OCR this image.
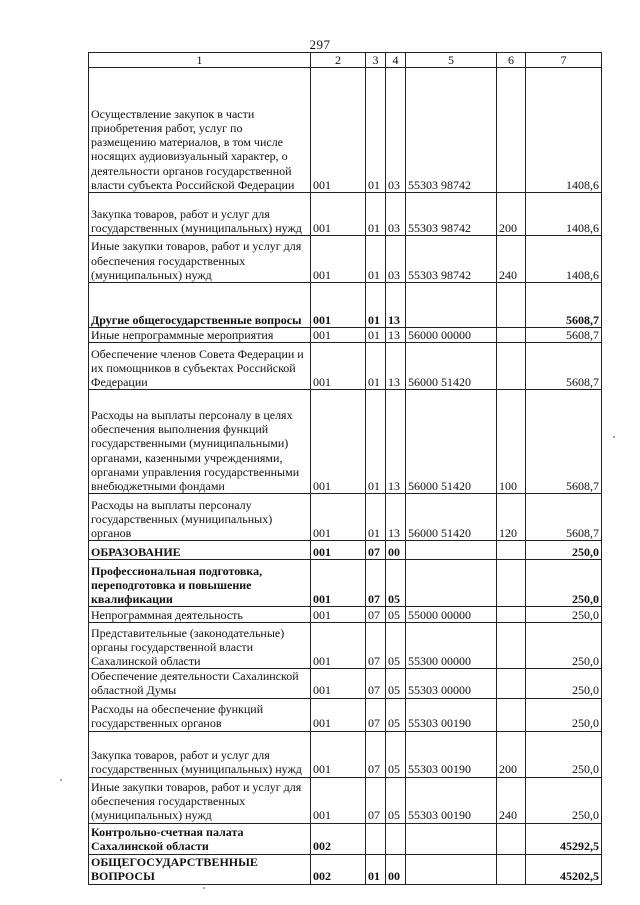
297
1	2	3	4	5	6	7
Осуществление закупок в части приобретения работ, услуг по размещению материалов, в том числе носящих аудиовизуальный характер, о деятельности органов государственной власти субъекта Российской Федерации	001	01	03	55303 98742		1408,6
Закупка товаров, работ и услуг для государственных (муниципальных) нужд	001	01	03	55303 98742	200	1408,6
Иные закупки товаров, работ и услуг для обеспечения государственных (муниципальных) нужд	001	01	03	55303 98742	240	1408,6
Другие общегосударственные вопросы	001	01	13			5608,7
Иные непрограммные мероприятия	001	01	13	56000 00000		5608,7
Обеспечение членов Совета Федерации и их помощников в субъектах Российской Федерации	001	01	13	56000 51420		5608,7
Расходы на выплаты персоналу в целях обеспечения выполнения функций государственными (муниципальными) органами, казенными учреждениями, органами управления государственными внебюджетными фондами	001	01	13	56000 51420	100	5608,7
Расходы на выплаты персоналу государственных (муниципальных) органов	001	01	13	56000 51420	120	5608,7
ОБРАЗОВАНИЕ	001	07	00			250,0
Профессиональная подготовка, переподготовка и повышение квалификации	001	07	05			250,0
Непрограммная деятельность	001	07	05	55000 00000		250,0
Представительные (законодательные) органы государственной власти Сахалинской области	001	07	05	55300 00000		250,0
Обеспечение деятельности Сахалинской областной Думы	001	07	05	55303 00000		250,0
Расходы на обеспечение функций государственных органов	001	07	05	55303 00190		250,0
Закупка товаров, работ и услуг для государственных (муниципальных) нужд	001	07	05	55303 00190	200	250,0
Иные закупки товаров, работ и услуг для обеспечения государственных (муниципальных) нужд	001	07	05	55303 00190	240	250,0
Контрольно-счетная палата Сахалинской области	002					45292,5
ОБЩЕГОСУДАРСТВЕННЫЕ ВОПРОСЫ	002	01	00			45202,5
